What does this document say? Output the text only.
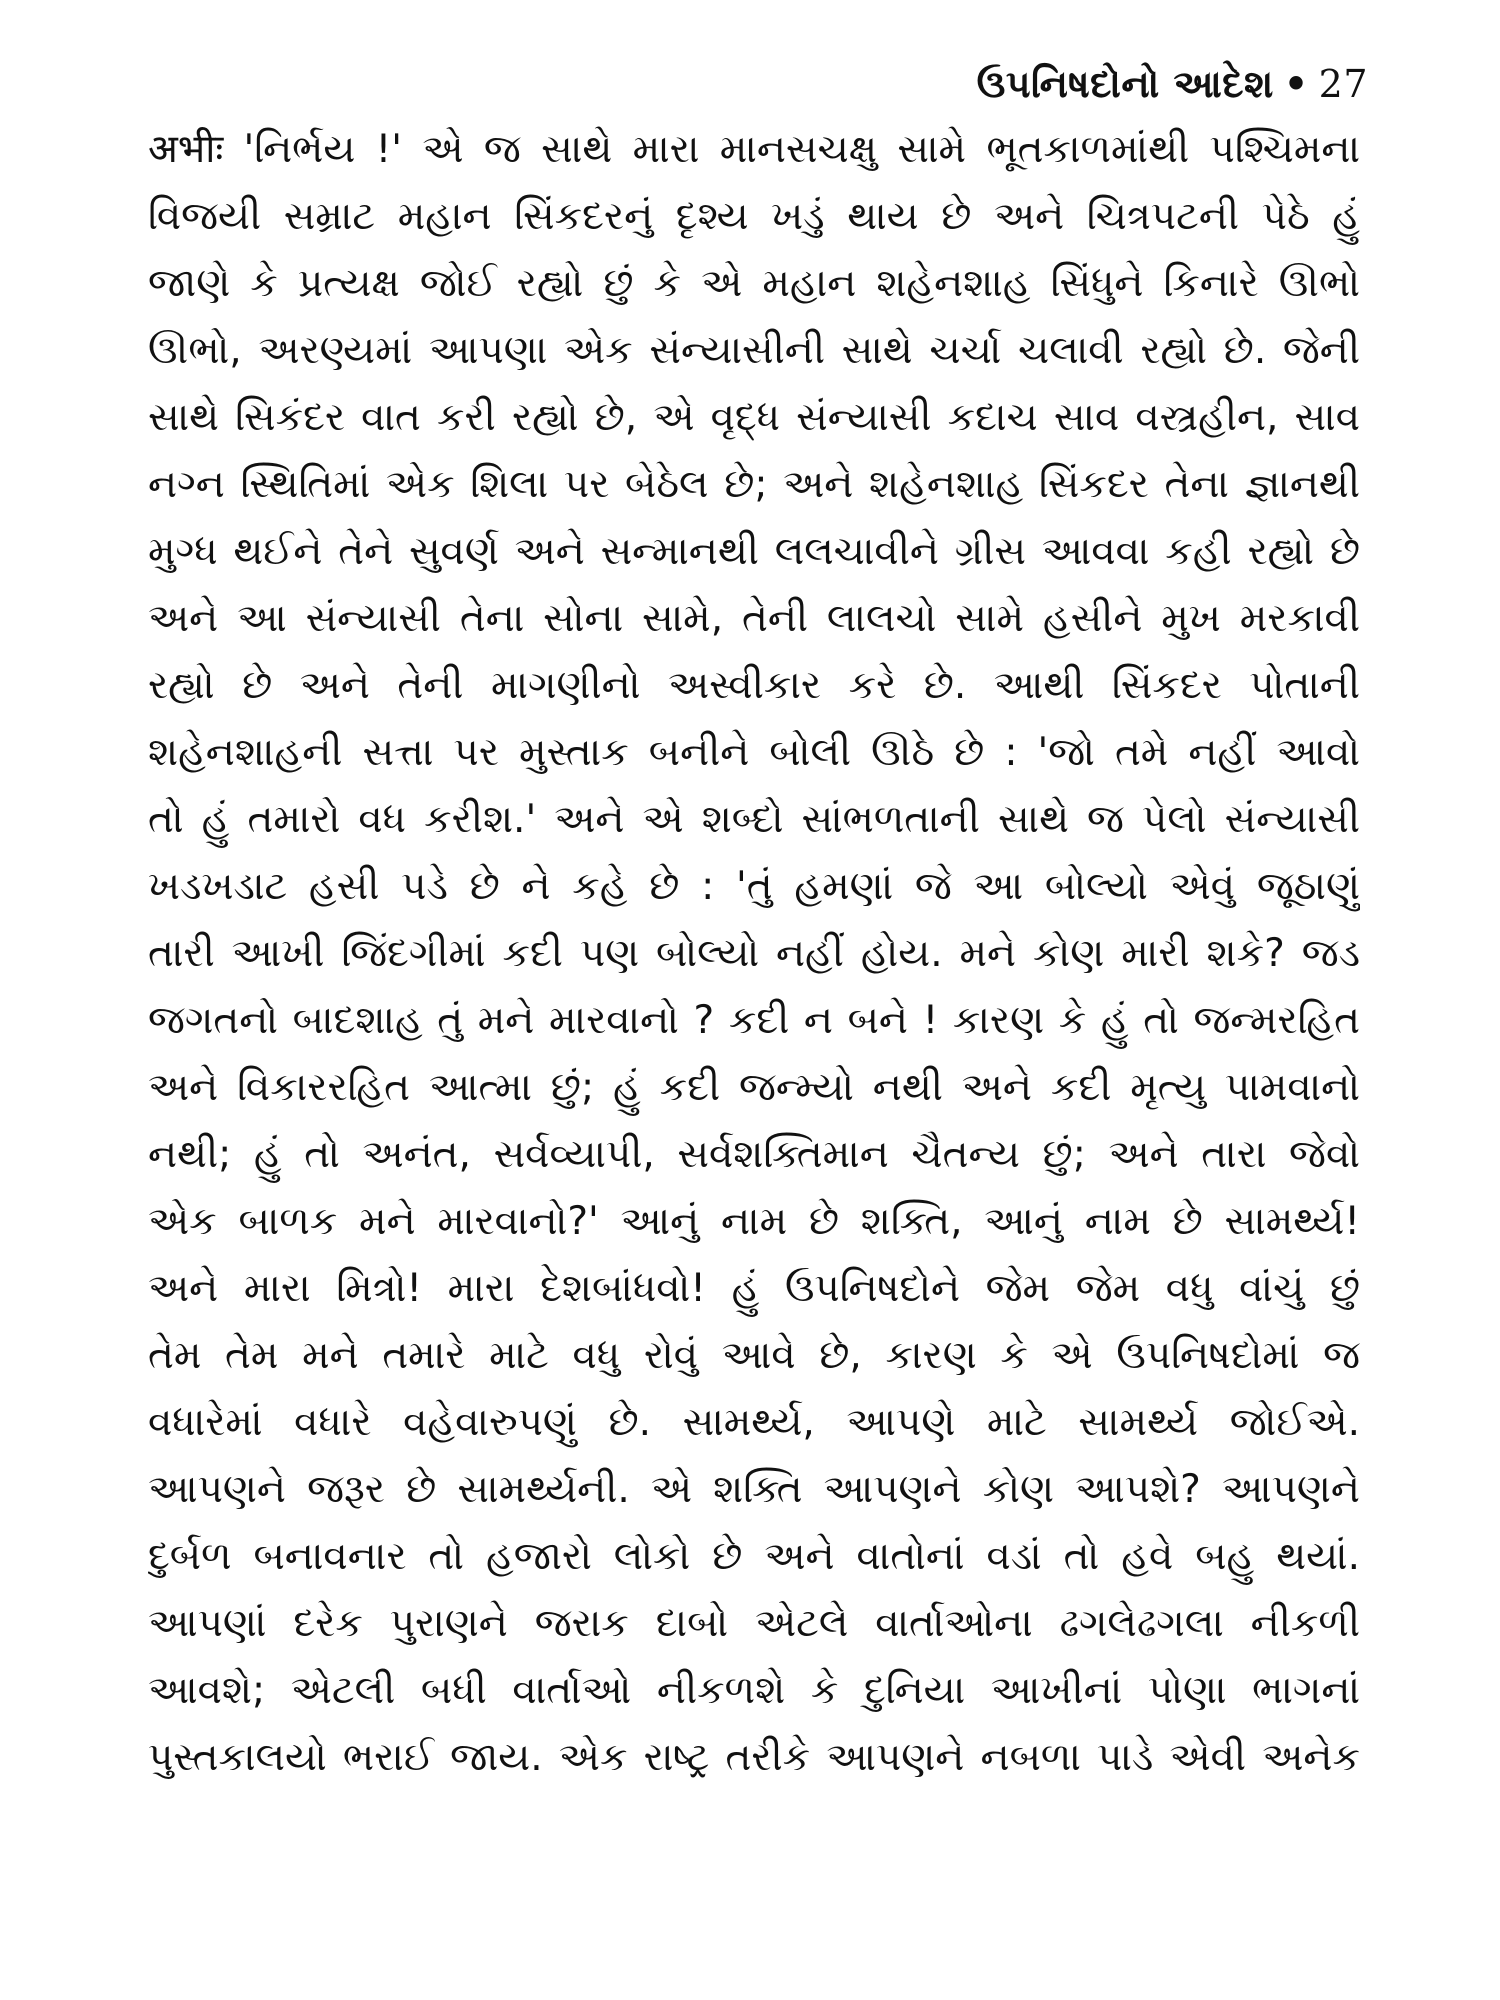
ઉપનિષદોનો આદેશ • 27
अभीः 'નિર્ભય !' એ જ સાથે મારા માનસચક્ષુ સામે ભૂતકાળમાંથી પશ્ચિમના
વિજયી સમ્રાટ મહાન સિંકદરનું દૃશ્ય ખડું થાય છે અને ચિત્રપટની પેઠે હું
જાણે કે પ્રત્યક્ષ જોઈ રહ્યો છું કે એ મહાન શહેનશાહ સિંધુને કિનારે ઊભો
ઊભો, અરણ્યમાં આપણા એક સંન્યાસીની સાથે ચર્ચા ચલાવી રહ્યો છે. જેની
સાથે સિકંદર વાત કરી રહ્યો છે, એ વૃદ્ધ સંન્યાસી કદાચ સાવ વસ્ત્રહીન, સાવ
નગ્ન સ્થિતિમાં એક શિલા પર બેઠેલ છે; અને શહેનશાહ સિંકદર તેના જ્ઞાનથી
મુગ્ધ થઈને તેને સુવર્ણ અને સન્માનથી લલચાવીને ગ્રીસ આવવા કહી રહ્યો છે
અને આ સંન્યાસી તેના સોના સામે, તેની લાલચો સામે હસીને મુખ મરકાવી
રહ્યો છે અને તેની માગણીનો અસ્વીકાર કરે છે. આથી સિંકદર પોતાની
શહેનશાહની સત્તા પર મુસ્તાક બનીને બોલી ઊઠે છે : 'જો તમે નહીં આવો
તો હું તમારો વધ કરીશ.' અને એ શબ્દો સાંભળતાની સાથે જ પેલો સંન્યાસી
ખડખડાટ હસી પડે છે ને કહે છે : 'તું હમણાં જે આ બોલ્યો એવું જૂઠાણું
તારી આખી જિંદગીમાં કદી પણ બોલ્યો નહીં હોય. મને કોણ મારી શકે? જડ
જગતનો બાદશાહ તું મને મારવાનો ? કદી ન બને ! કારણ કે હું તો જન્મરહિત
અને વિકારરહિત આત્મા છું; હું કદી જન્મ્યો નથી અને કદી મૃત્યુ પામવાનો
નથી; હું તો અનંત, સર્વવ્યાપી, સર્વશક્તિમાન ચૈતન્ય છું; અને તારા જેવો
એક બાળક મને મારવાનો?' આનું નામ છે શક્તિ, આનું નામ છે સામર્થ્ય!
અને મારા મિત્રો! મારા દેશબાંધવો! હું ઉપનિષદોને જેમ જેમ વધુ વાંચું છું
તેમ તેમ મને તમારે માટે વધુ રોવું આવે છે, કારણ કે એ ઉપનિષદોમાં જ
વધારેમાં વધારે વહેવારુપણું છે. સામર્થ્ય, આપણે માટે સામર્થ્ય જોઈએ.
આપણને જરૂર છે સામર્થ્યની. એ શક્તિ આપણને કોણ આપશે? આપણને
દુર્બળ બનાવનાર તો હજારો લોકો છે અને વાતોનાં વડાં તો હવે બહુ થયાં.
આપણાં દરેક પુરાણને જરાક દાબો એટલે વાર્તાઓના ઢગલેઢગલા નીકળી
આવશે; એટલી બધી વાર્તાઓ નીકળશે કે દુનિયા આખીનાં પોણા ભાગનાં
પુસ્તકાલયો ભરાઈ જાય. એક રાષ્ટ્ર તરીકે આપણને નબળા પાડે એવી અનેક
